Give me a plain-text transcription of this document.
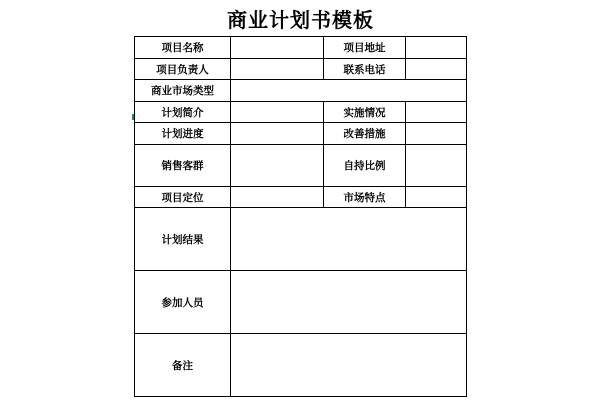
商业计划书模板
项目名称	项目地址
项目负责人	联系电话
商业市场类型
计划简介	实施情况
计划进度	改善措施
销售客群	自持比例
项目定位	市场特点
计划结果
参加人员
备注
